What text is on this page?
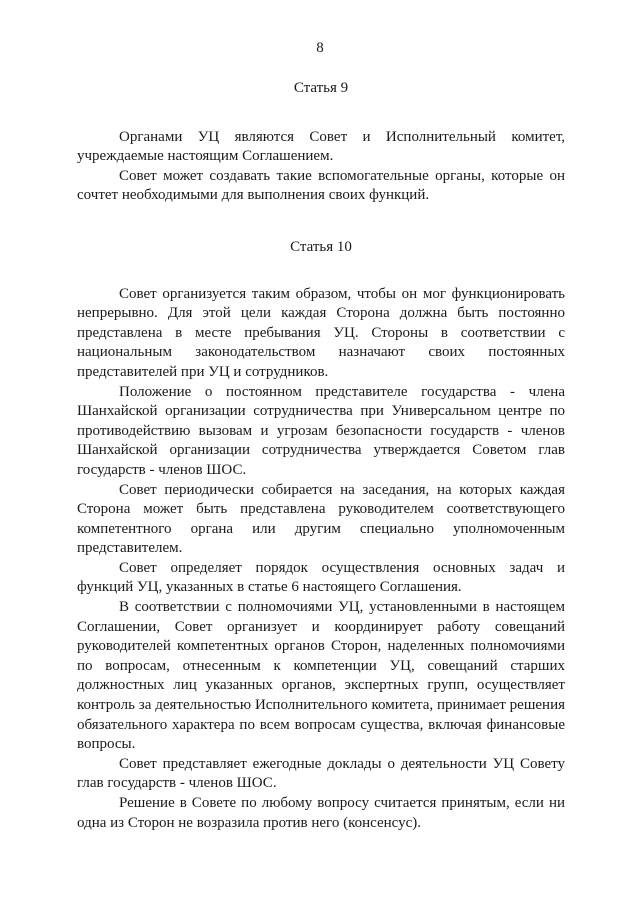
8
Статья 9

Органами УЦ являются Совет и Исполнительный комитет, учреждаемые настоящим Соглашением.

Совет может создавать такие вспомогательные органы, которые он сочтет необходимыми для выполнения своих функций.

Статья 10

Совет организуется таким образом, чтобы он мог функционировать непрерывно. Для этой цели каждая Сторона должна быть постоянно представлена в месте пребывания УЦ. Стороны в соответствии с национальным законодательством назначают своих постоянных представителей при УЦ и сотрудников.

Положение о постоянном представителе государства - члена Шанхайской организации сотрудничества при Универсальном центре по противодействию вызовам и угрозам безопасности государств - членов Шанхайской организации сотрудничества утверждается Советом глав государств - членов ШОС.

Совет периодически собирается на заседания, на которых каждая Сторона может быть представлена руководителем соответствующего компетентного органа или другим специально уполномоченным представителем.

Совет определяет порядок осуществления основных задач и функций УЦ, указанных в статье 6 настоящего Соглашения.

В соответствии с полномочиями УЦ, установленными в настоящем Соглашении, Совет организует и координирует работу совещаний руководителей компетентных органов Сторон, наделенных полномочиями по вопросам, отнесенным к компетенции УЦ, совещаний старших должностных лиц указанных органов, экспертных групп, осуществляет контроль за деятельностью Исполнительного комитета, принимает решения обязательного характера по всем вопросам существа, включая финансовые вопросы.

Совет представляет ежегодные доклады о деятельности УЦ Совету глав государств - членов ШОС.

Решение в Совете по любому вопросу считается принятым, если ни одна из Сторон не возразила против него (консенсус).
